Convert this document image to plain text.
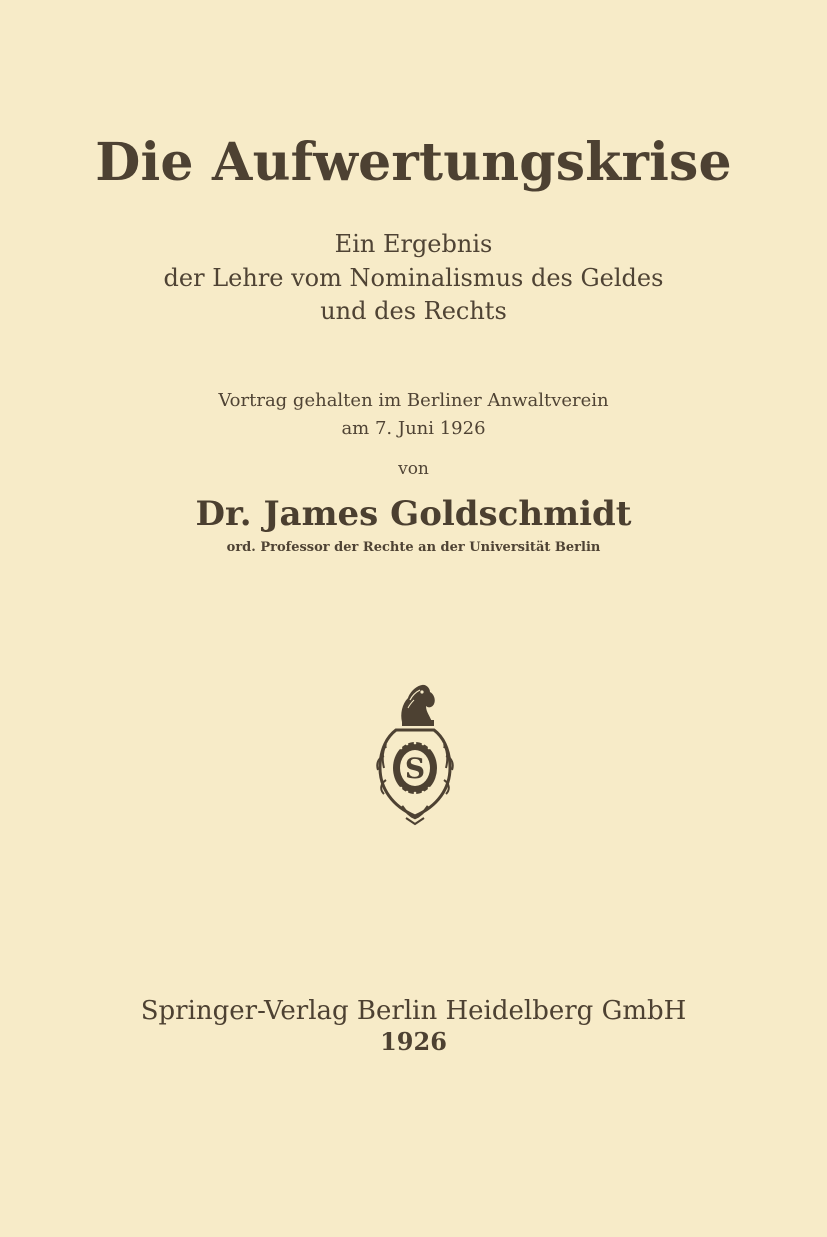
Die Aufwertungskrise
Ein Ergebnis
der Lehre vom Nominalismus des Geldes
und des Rechts
Vortrag gehalten im Berliner Anwaltverein
am 7. Juni 1926
von
Dr. James Goldschmidt
ord. Professor der Rechte an der Universität Berlin
S
Springer-Verlag Berlin Heidelberg GmbH
1926
